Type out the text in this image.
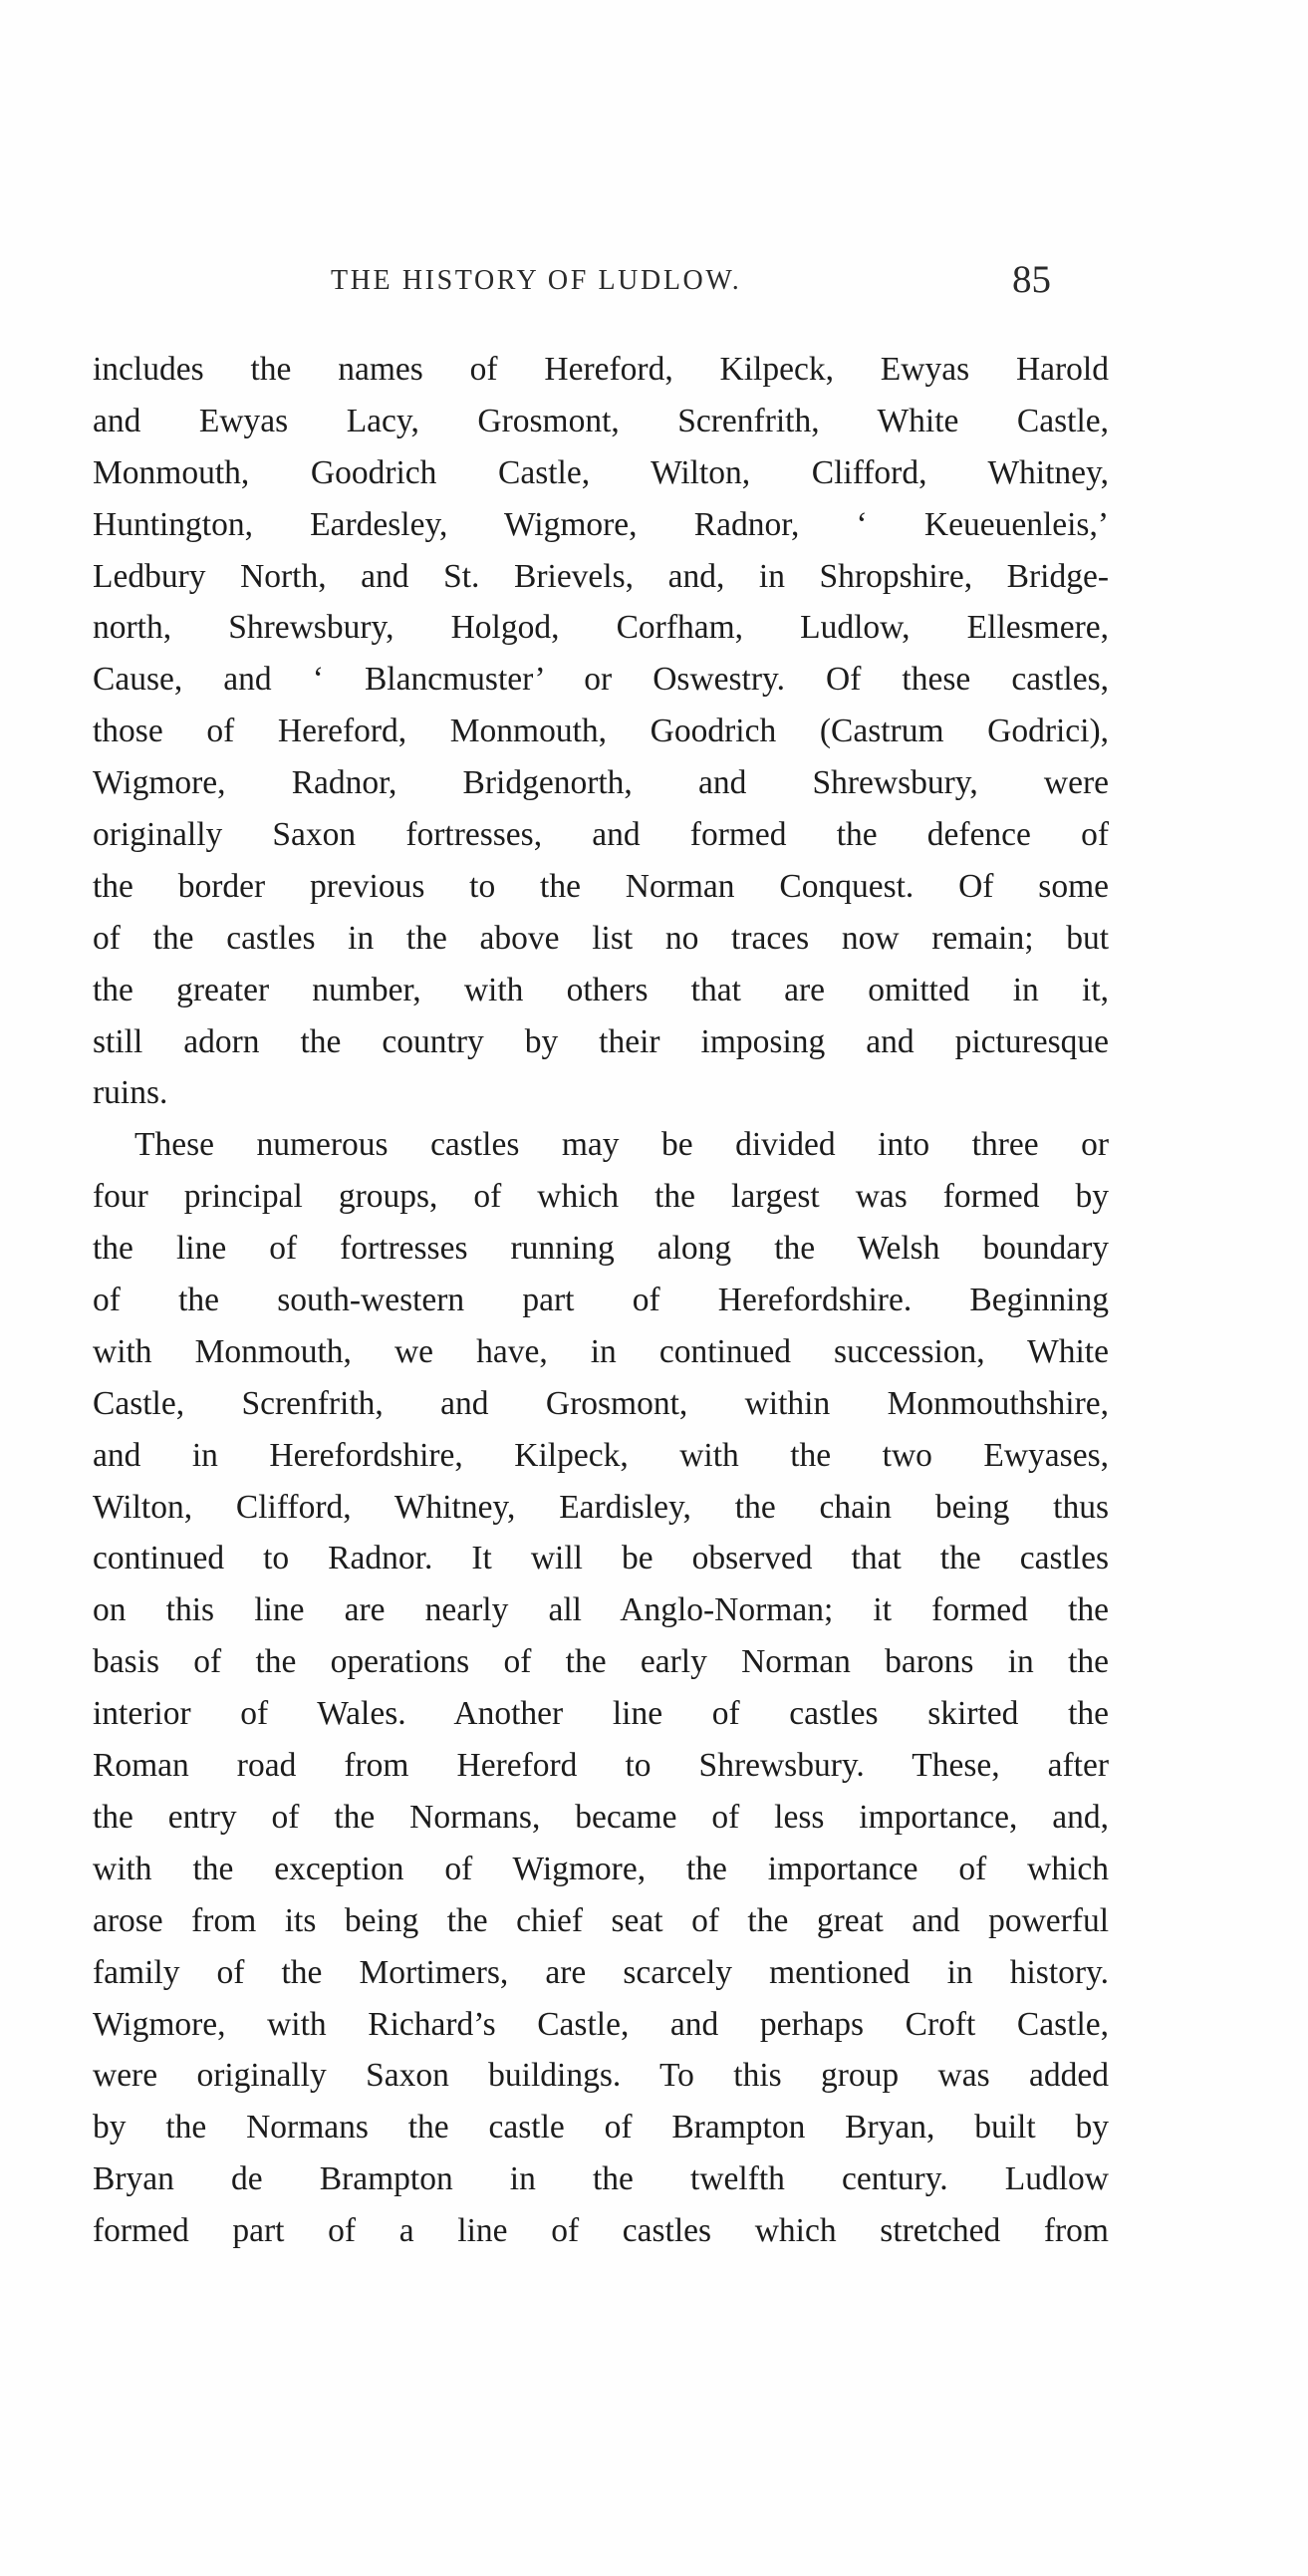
THE HISTORY OF LUDLOW.	85
includes the names of Hereford, Kilpeck, Ewyas Harold
and Ewyas Lacy, Grosmont, Screnfrith, White Castle,
Monmouth, Goodrich Castle, Wilton, Clifford, Whitney,
Huntington, Eardesley, Wigmore, Radnor, ‘ Keueuenleis,’
Ledbury North, and St. Brievels, and, in Shropshire, Bridge-
north, Shrewsbury, Holgod, Corfham, Ludlow, Ellesmere,
Cause, and ‘ Blancmuster’ or Oswestry. Of these castles,
those of Hereford, Monmouth, Goodrich (Castrum Godrici),
Wigmore, Radnor, Bridgenorth, and Shrewsbury, were
originally Saxon fortresses, and formed the defence of
the border previous to the Norman Conquest. Of some
of the castles in the above list no traces now remain; but
the greater number, with others that are omitted in it,
still adorn the country by their imposing and picturesque
ruins.
These numerous castles may be divided into three or
four principal groups, of which the largest was formed by
the line of fortresses running along the Welsh boundary
of the south-western part of Herefordshire. Beginning
with Monmouth, we have, in continued succession, White
Castle, Screnfrith, and Grosmont, within Monmouthshire,
and in Herefordshire, Kilpeck, with the two Ewyases,
Wilton, Clifford, Whitney, Eardisley, the chain being thus
continued to Radnor. It will be observed that the castles
on this line are nearly all Anglo-Norman; it formed the
basis of the operations of the early Norman barons in the
interior of Wales. Another line of castles skirted the
Roman road from Hereford to Shrewsbury. These, after
the entry of the Normans, became of less importance, and,
with the exception of Wigmore, the importance of which
arose from its being the chief seat of the great and powerful
family of the Mortimers, are scarcely mentioned in history.
Wigmore, with Richard’s Castle, and perhaps Croft Castle,
were originally Saxon buildings. To this group was added
by the Normans the castle of Brampton Bryan, built by
Bryan de Brampton in the twelfth century. Ludlow
formed part of a line of castles which stretched from
